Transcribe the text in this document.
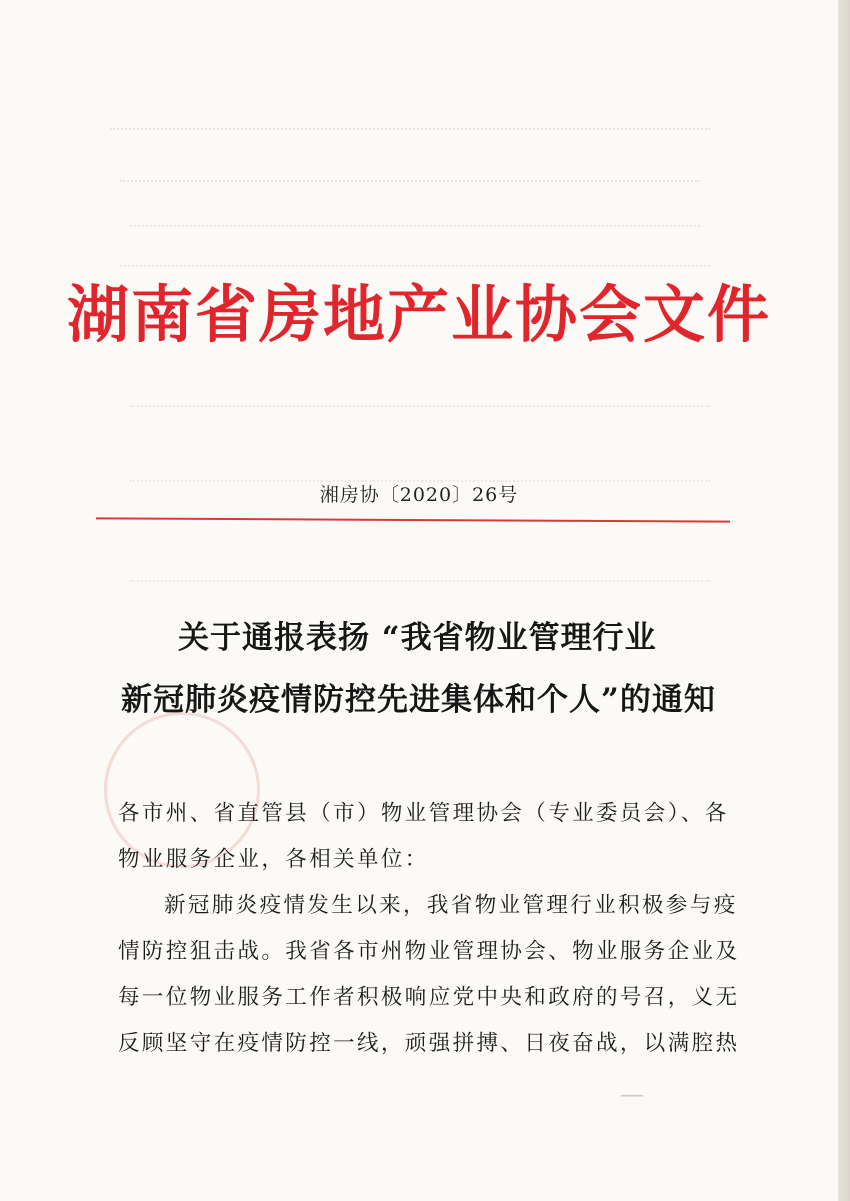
湖南省房地产业协会文件
湘房协〔2020〕26号
关于通报表扬 “我省物业管理行业
新冠肺炎疫情防控先进集体和个人”的通知
各市州、省直管县（市）物业管理协会（专业委员会）、各
物业服务企业，各相关单位：
新冠肺炎疫情发生以来，我省物业管理行业积极参与疫
情防控狙击战。我省各市州物业管理协会、物业服务企业及
每一位物业服务工作者积极响应党中央和政府的号召，义无
反顾坚守在疫情防控一线，顽强拼搏、日夜奋战，以满腔热
—
